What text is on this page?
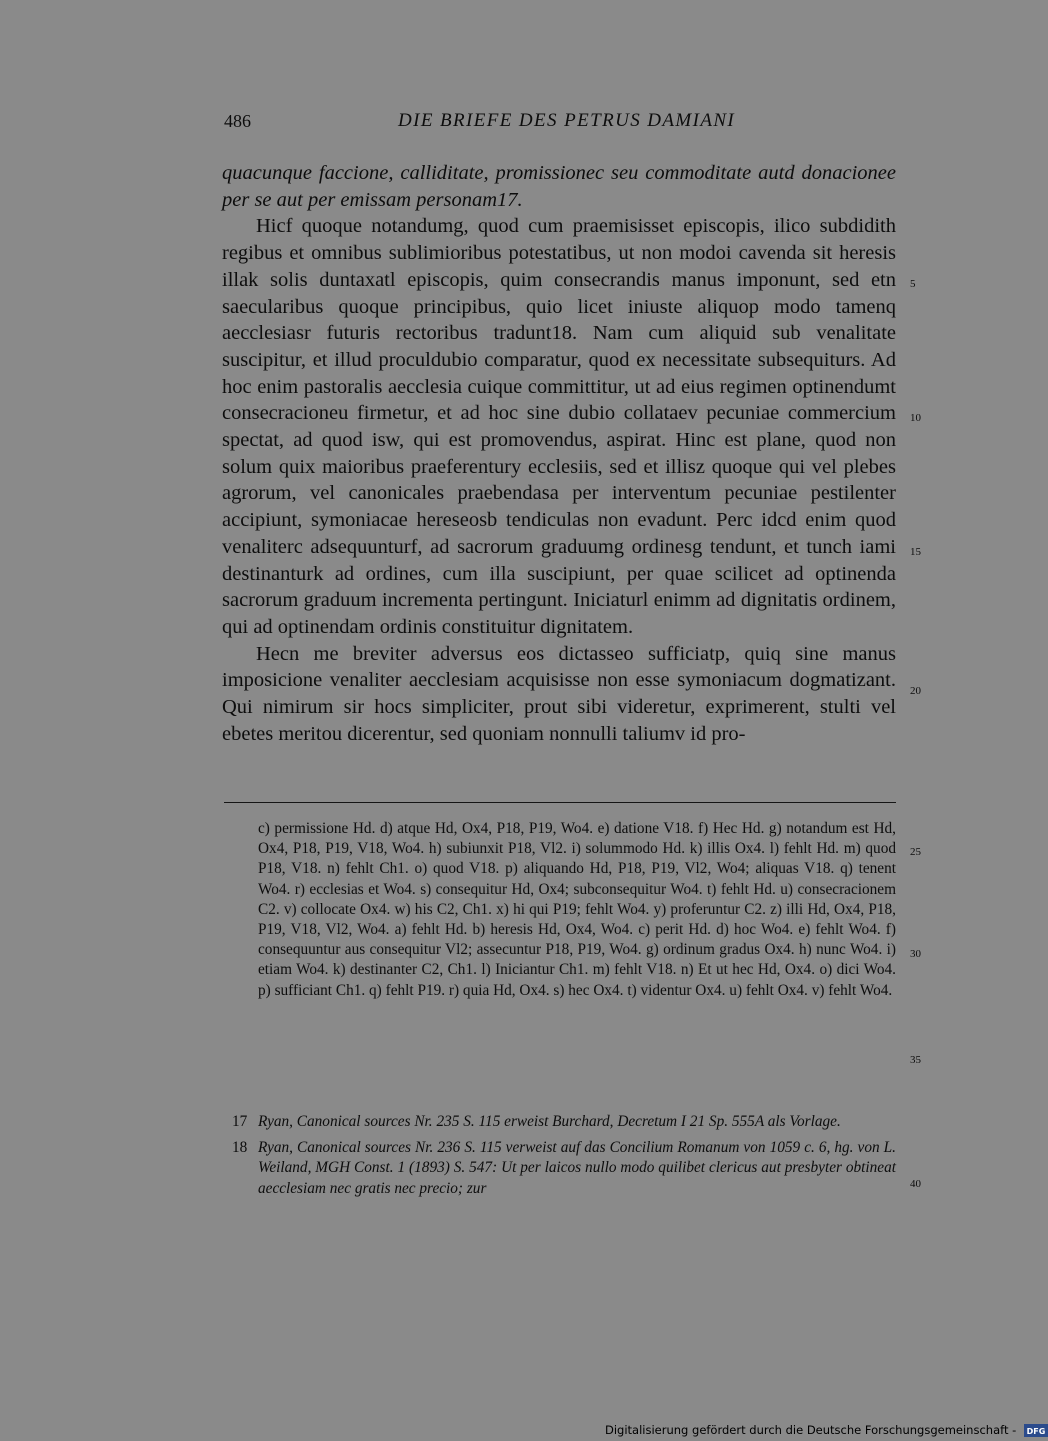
486	DIE BRIEFE DES PETRUS DAMIANI

quacunque faccione, calliditate, promissionec seu commoditate autd donacionee per se aut per emissam personam17.

Hicf quoque notandumg, quod cum praemisisset episcopis, ilico subdidith regibus et omnibus sublimioribus potestatibus, ut non modoi cavenda sit heresis illak solis duntaxatl episcopis, quim consecrandis manus imponunt, sed etn saecularibus quoque principibus, quio licet iniuste aliquop modo tamenq aecclesiasr futuris rectoribus tradunt18. Nam cum aliquid sub venalitate suscipitur, et illud proculdubio comparatur, quod ex necessitate subsequiturs. Ad hoc enim pastoralis aecclesia cuique committitur, ut ad eius regimen optinendumt consecracioneu firmetur, et ad hoc sine dubio collataev pecuniae commercium spectat, ad quod isw, qui est promovendus, aspirat. Hinc est plane, quod non solum quix maioribus praeferentury ecclesiis, sed et illisz quoque qui vel plebes agrorum, vel canonicales praebendasa per interventum pecuniae pestilenter accipiunt, symoniacae hereseosb tendiculas non evadunt. Perc idcd enim quod venaliterc adsequunturf, ad sacrorum graduumg ordinesg tendunt, et tunch iami destinanturk ad ordines, cum illa suscipiunt, per quae scilicet ad optinenda sacrorum graduum incrementa pertingunt. Iniciaturl enimm ad dignitatis ordinem, qui ad optinendam ordinis constituitur dignitatem.

Hecn me breviter adversus eos dictasseo sufficiatp, quiq sine manus imposicione venaliter aecclesiam acquisisse non esse symoniacum dogmatizant. Qui nimirum sir hocs simpliciter, prout sibi videretur, exprimerent, stulti vel ebetes meritou dicerentur, sed quoniam nonnulli taliumv id pro-

5
10
15
20

c) permissione Hd. d) atque Hd, Ox4, P18, P19, Wo4. e) datione V18. f) Hec Hd. g) notandum est Hd, Ox4, P18, P19, V18, Wo4. h) subiunxit P18, Vl2. i) solummodo Hd. k) illis Ox4. l) fehlt Hd. m) quod P18, V18. n) fehlt Ch1. o) quod V18. p) aliquando Hd, P18, P19, Vl2, Wo4; aliquas V18. q) tenent Wo4. r) ecclesias et Wo4. s) consequitur Hd, Ox4; subconsequitur Wo4. t) fehlt Hd. u) consecracionem C2. v) collocate Ox4. w) his C2, Ch1. x) hi qui P19; fehlt Wo4. y) proferuntur C2. z) illi Hd, Ox4, P18, P19, V18, Vl2, Wo4. a) fehlt Hd. b) heresis Hd, Ox4, Wo4. c) perit Hd. d) hoc Wo4. e) fehlt Wo4. f) consequuntur aus consequitur Vl2; assecuntur P18, P19, Wo4. g) ordinum gradus Ox4. h) nunc Wo4. i) etiam Wo4. k) destinanter C2, Ch1. l) Iniciantur Ch1. m) fehlt V18. n) Et ut hec Hd, Ox4. o) dici Wo4. p) sufficiant Ch1. q) fehlt P19. r) quia Hd, Ox4. s) hec Ox4. t) videntur Ox4. u) fehlt Ox4. v) fehlt Wo4.

25
30
35
40
17 Ryan, Canonical sources Nr. 235 S. 115 erweist Burchard, Decretum I 21 Sp. 555A als Vorlage.
18 Ryan, Canonical sources Nr. 236 S. 115 verweist auf das Concilium Romanum von 1059 c. 6, hg. von L. Weiland, MGH Const. 1 (1893) S. 547: Ut per laicos nullo modo quilibet clericus aut presbyter obtineat aecclesiam nec gratis nec precio; zur
Digitalisierung gefördert durch die Deutsche Forschungsgemeinschaft - DFG
